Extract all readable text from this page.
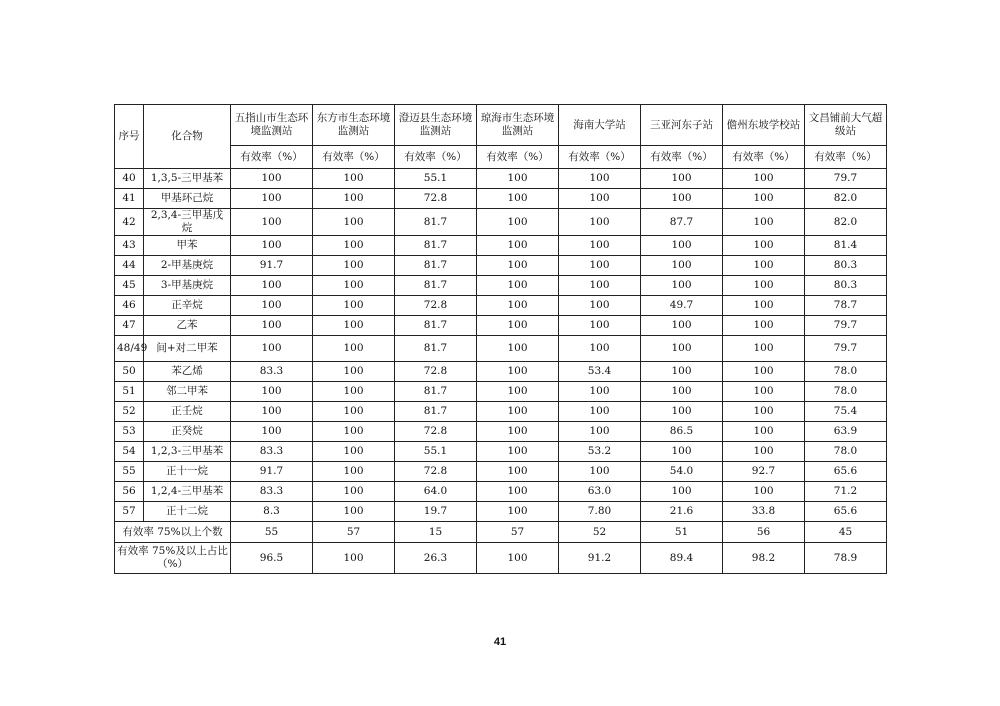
序号	化合物	五指山市生态环境监测站	东方市生态环境监测站	澄迈县生态环境监测站	琼海市生态环境监测站	海南大学站	三亚河东子站	儋州东坡学校站	文昌铺前大气超级站
		有效率（%）	有效率（%）	有效率（%）	有效率（%）	有效率（%）	有效率（%）	有效率（%）	有效率（%）
40	1,3,5-三甲基苯	100	100	55.1	100	100	100	100	79.7
41	甲基环己烷	100	100	72.8	100	100	100	100	82.0
42	2,3,4-三甲基戊烷	100	100	81.7	100	100	87.7	100	82.0
43	甲苯	100	100	81.7	100	100	100	100	81.4
44	2-甲基庚烷	91.7	100	81.7	100	100	100	100	80.3
45	3-甲基庚烷	100	100	81.7	100	100	100	100	80.3
46	正辛烷	100	100	72.8	100	100	49.7	100	78.7
47	乙苯	100	100	81.7	100	100	100	100	79.7
48/49	间+对二甲苯	100	100	81.7	100	100	100	100	79.7
50	苯乙烯	83.3	100	72.8	100	53.4	100	100	78.0
51	邻二甲苯	100	100	81.7	100	100	100	100	78.0
52	正壬烷	100	100	81.7	100	100	100	100	75.4
53	正癸烷	100	100	72.8	100	100	86.5	100	63.9
54	1,2,3-三甲基苯	83.3	100	55.1	100	53.2	100	100	78.0
55	正十一烷	91.7	100	72.8	100	100	54.0	92.7	65.6
56	1,2,4-三甲基苯	83.3	100	64.0	100	63.0	100	100	71.2
57	正十二烷	8.3	100	19.7	100	7.80	21.6	33.8	65.6
有效率 75%以上个数		55	57	15	57	52	51	56	45
有效率 75%及以上占比（%）		96.5	100	26.3	100	91.2	89.4	98.2	78.9
41
